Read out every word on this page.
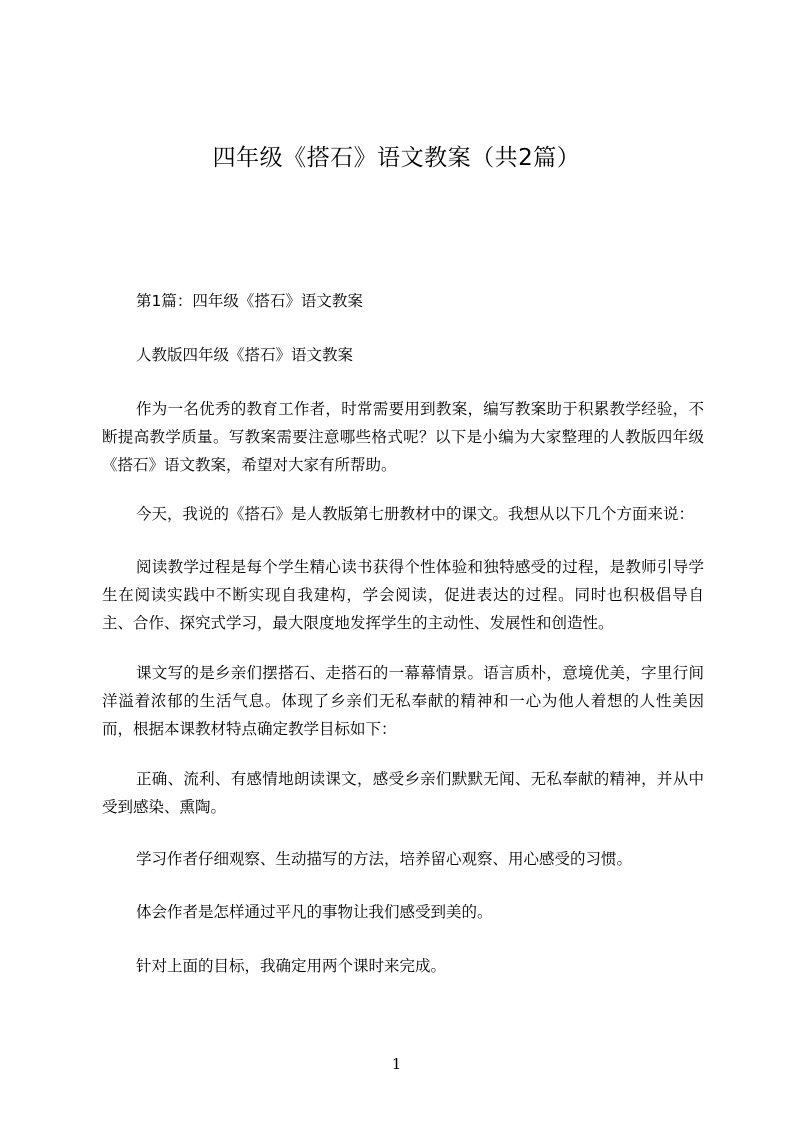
四年级《搭石》语文教案（共2篇）

第1篇：四年级《搭石》语文教案

人教版四年级《搭石》语文教案

作为一名优秀的教育工作者，时常需要用到教案，编写教案助于积累教学经验，不断提高教学质量。写教案需要注意哪些格式呢？以下是小编为大家整理的人教版四年级《搭石》语文教案，希望对大家有所帮助。

今天，我说的《搭石》是人教版第七册教材中的课文。我想从以下几个方面来说：

阅读教学过程是每个学生精心读书获得个性体验和独特感受的过程，是教师引导学生在阅读实践中不断实现自我建构，学会阅读，促进表达的过程。同时也积极倡导自主、合作、探究式学习，最大限度地发挥学生的主动性、发展性和创造性。

课文写的是乡亲们摆搭石、走搭石的一幕幕情景。语言质朴，意境优美，字里行间洋溢着浓郁的生活气息。体现了乡亲们无私奉献的精神和一心为他人着想的人性美因而，根据本课教材特点确定教学目标如下：

正确、流利、有感情地朗读课文，感受乡亲们默默无闻、无私奉献的精神，并从中受到感染、熏陶。

学习作者仔细观察、生动描写的方法，培养留心观察、用心感受的习惯。

体会作者是怎样通过平凡的事物让我们感受到美的。

针对上面的目标，我确定用两个课时来完成。

1
